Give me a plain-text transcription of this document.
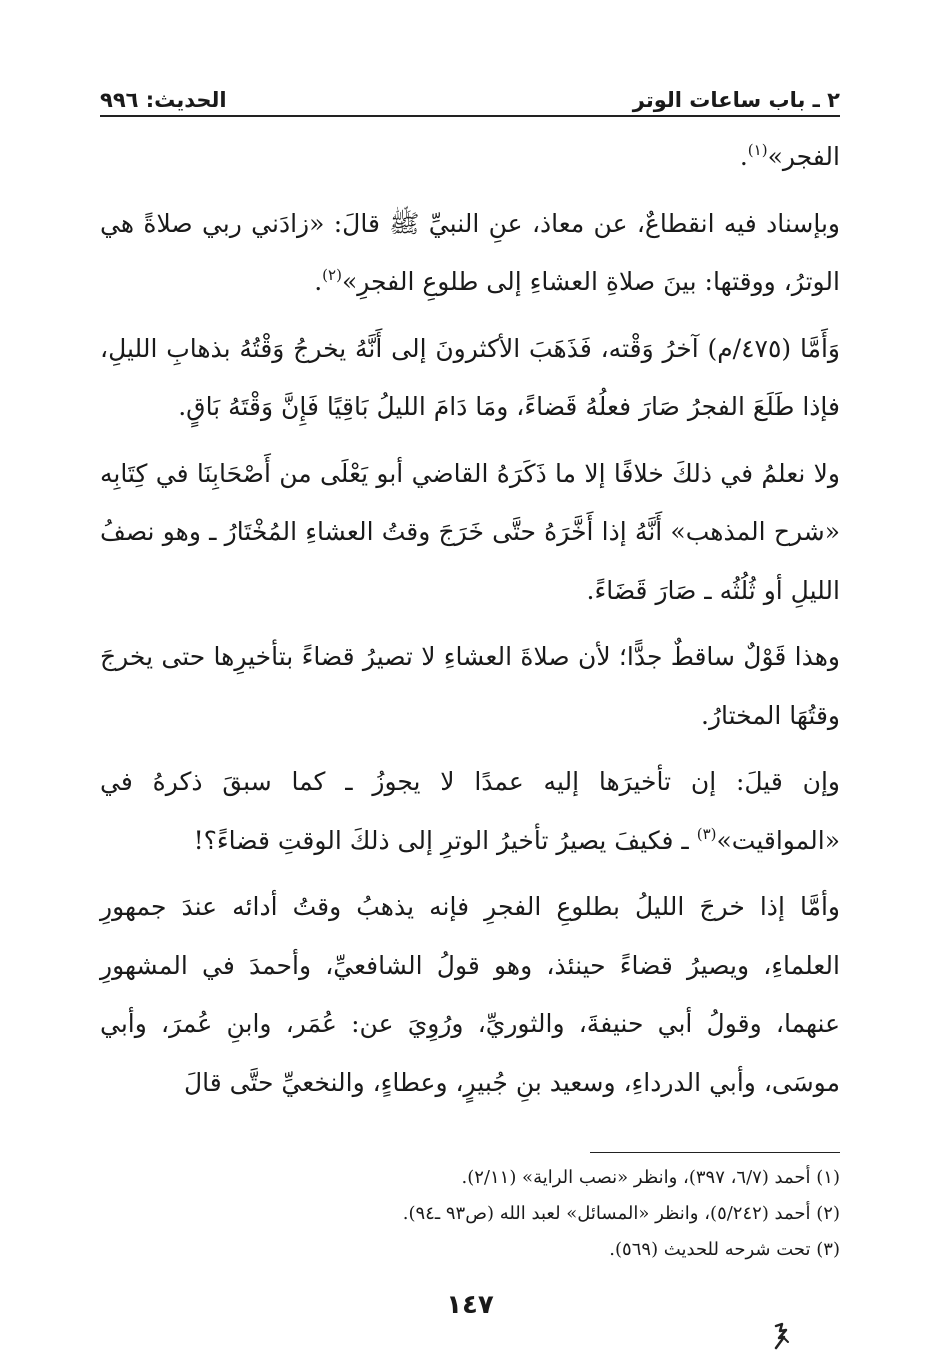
٢ ـ باب ساعات الوتر
الحديث: ٩٩٦

الفجر»$^{(١)}$.

وبإسناد فيه انقطاعٌ، عن معاذ، عنِ النبيِّ ﷺ قالَ: «زادَني ربي صلاةً هي الوترُ، ووقتها: بينَ صلاةِ العشاءِ إلى طلوعِ الفجرِ»$^{(٢)}$.

وَأَمَّا (٤٧٥/م) آخرُ وَقْته، فَذَهَبَ الأكثرونَ إلى أَنَّهُ يخرجُ وَقْتُهُ بذهابِ الليلِ، فإذا طَلَعَ الفجرُ صَارَ فعلُهُ قَضاءً، ومَا دَامَ الليلُ بَاقِيًا فَإِنَّ وَقْتَهُ بَاقٍ.

ولا نعلمُ في ذلكَ خلافًا إلا ما ذَكَرَهُ القاضي أبو يَعْلَى من أَصْحَابِنَا في كِتَابِه «شرح المذهب» أَنَّهُ إذا أَخَّرَهُ حتَّى خَرَجَ وقتُ العشاءِ المُخْتَارُ ـ وهو نصفُ الليلِ أو ثُلُثُه ـ صَارَ قَضَاءً.

وهذا قَوْلٌ ساقطٌ جدًّا؛ لأن صلاةَ العشاءِ لا تصيرُ قضاءً بتأخيرِها حتى يخرجَ وقتُهَا المختارُ.

وإن قيلَ: إن تأخيرَها إليه عمدًا لا يجوزُ ـ كما سبقَ ذكرهُ في «المواقيت»$^{(٣)}$ ـ فكيفَ يصيرُ تأخيرُ الوترِ إلى ذلكَ الوقتِ قضاءً؟!

وأمَّا إذا خرجَ الليلُ بطلوعِ الفجرِ فإنه يذهبُ وقتُ أدائه عندَ جمهورِ العلماءِ، ويصيرُ قضاءً حينئذ، وهو قولُ الشافعيِّ، وأحمدَ في المشهورِ عنهما، وقولُ أبي حنيفةَ، والثوريِّ، ورُوِيَ عن: عُمَر، وابنِ عُمرَ، وأبي موسَى، وأبي الدرداءِ، وسعيد بنِ جُبيرٍ، وعطاءٍ، والنخعيِّ حتَّى قالَ

(١) أحمد (٦/٧، ٣٩٧)، وانظر «نصب الراية» (٢/١١).
(٢) أحمد (٥/٢٤٢)، وانظر «المسائل» لعبد الله (ص٩٣ ـ٩٤).
(٣) تحت شرحه للحديث (٥٦٩).
١٤٧
